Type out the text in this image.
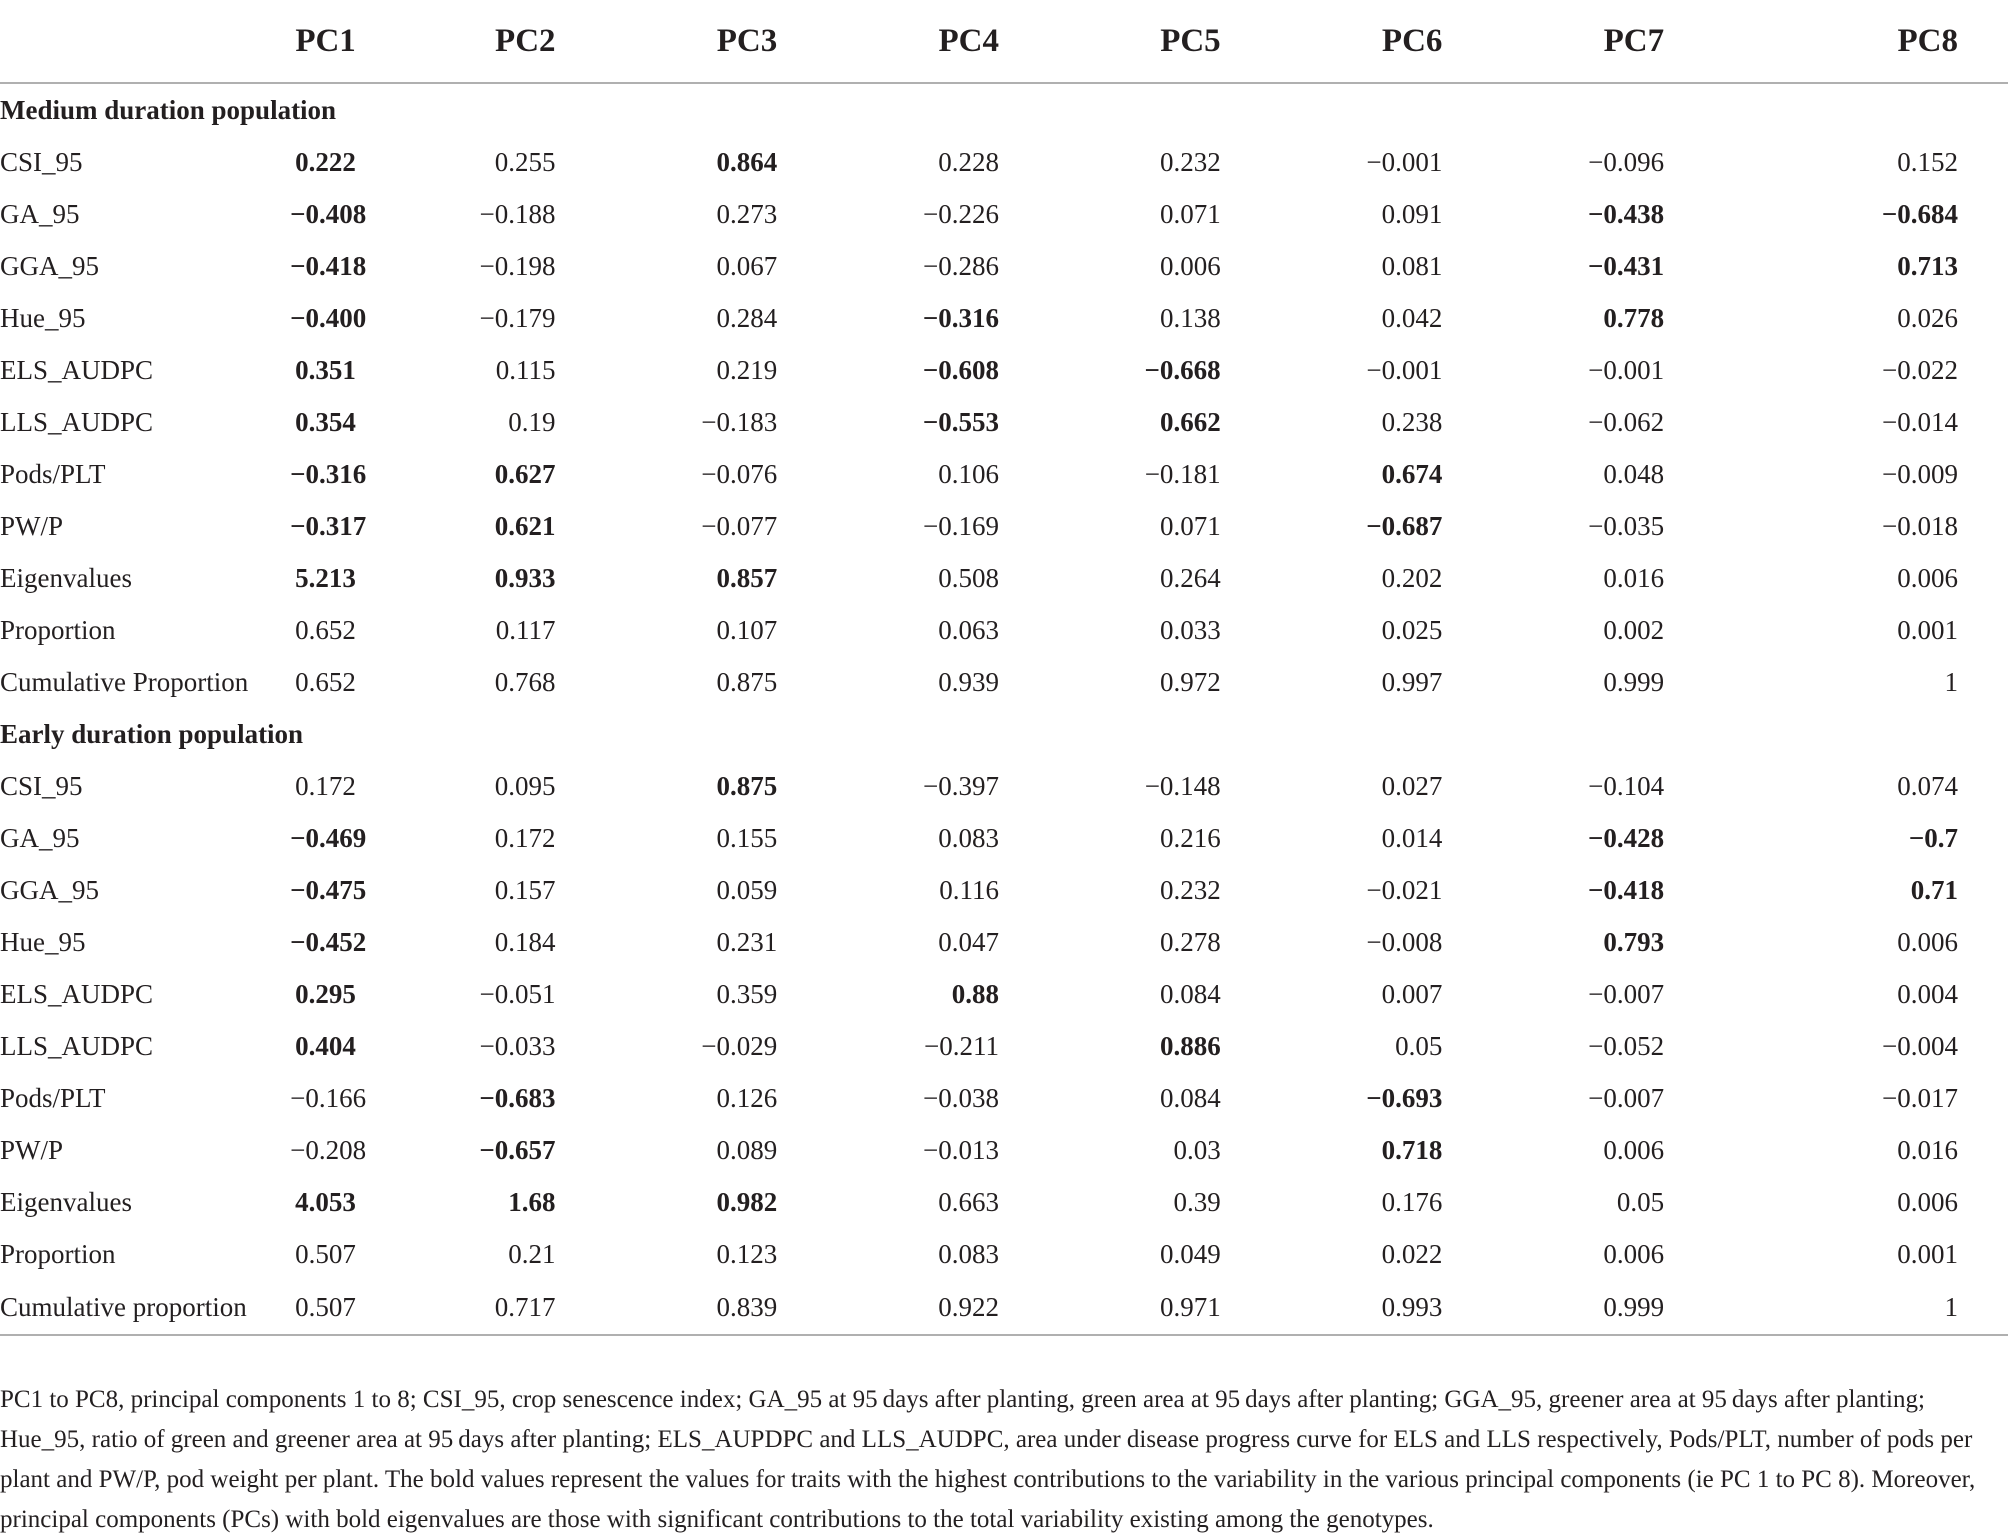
	PC1	PC2	PC3	PC4	PC5	PC6	PC7	PC8
Medium duration population								
CSI_95	0.222	0.255	0.864	0.228	0.232	−0.001	−0.096	0.152
GA_95	−0.408	−0.188	0.273	−0.226	0.071	0.091	−0.438	−0.684
GGA_95	−0.418	−0.198	0.067	−0.286	0.006	0.081	−0.431	0.713
Hue_95	−0.400	−0.179	0.284	−0.316	0.138	0.042	0.778	0.026
ELS_AUDPC	0.351	0.115	0.219	−0.608	−0.668	−0.001	−0.001	−0.022
LLS_AUDPC	0.354	0.19	−0.183	−0.553	0.662	0.238	−0.062	−0.014
Pods/PLT	−0.316	0.627	−0.076	0.106	−0.181	0.674	0.048	−0.009
PW/P	−0.317	0.621	−0.077	−0.169	0.071	−0.687	−0.035	−0.018
Eigenvalues	5.213	0.933	0.857	0.508	0.264	0.202	0.016	0.006
Proportion	0.652	0.117	0.107	0.063	0.033	0.025	0.002	0.001
Cumulative Proportion	0.652	0.768	0.875	0.939	0.972	0.997	0.999	1
Early duration population								
CSI_95	0.172	0.095	0.875	−0.397	−0.148	0.027	−0.104	0.074
GA_95	−0.469	0.172	0.155	0.083	0.216	0.014	−0.428	−0.7
GGA_95	−0.475	0.157	0.059	0.116	0.232	−0.021	−0.418	0.71
Hue_95	−0.452	0.184	0.231	0.047	0.278	−0.008	0.793	0.006
ELS_AUDPC	0.295	−0.051	0.359	0.88	0.084	0.007	−0.007	0.004
LLS_AUDPC	0.404	−0.033	−0.029	−0.211	0.886	0.05	−0.052	−0.004
Pods/PLT	−0.166	−0.683	0.126	−0.038	0.084	−0.693	−0.007	−0.017
PW/P	−0.208	−0.657	0.089	−0.013	0.03	0.718	0.006	0.016
Eigenvalues	4.053	1.68	0.982	0.663	0.39	0.176	0.05	0.006
Proportion	0.507	0.21	0.123	0.083	0.049	0.022	0.006	0.001
Cumulative proportion	0.507	0.717	0.839	0.922	0.971	0.993	0.999	1
PC1 to PC8, principal components 1 to 8; CSI_95, crop senescence index; GA_95 at 95 days after planting, green area at 95 days after planting; GGA_95, greener area at 95 days after planting; Hue_95, ratio of green and greener area at 95 days after planting; ELS_AUPDPC and LLS_AUDPC, area under disease progress curve for ELS and LLS respectively, Pods/PLT, number of pods per plant and PW/P, pod weight per plant. The bold values represent the values for traits with the highest contributions to the variability in the various principal components (ie PC 1 to PC 8). Moreover, principal components (PCs) with bold eigenvalues are those with significant contributions to the total variability existing among the genotypes.
